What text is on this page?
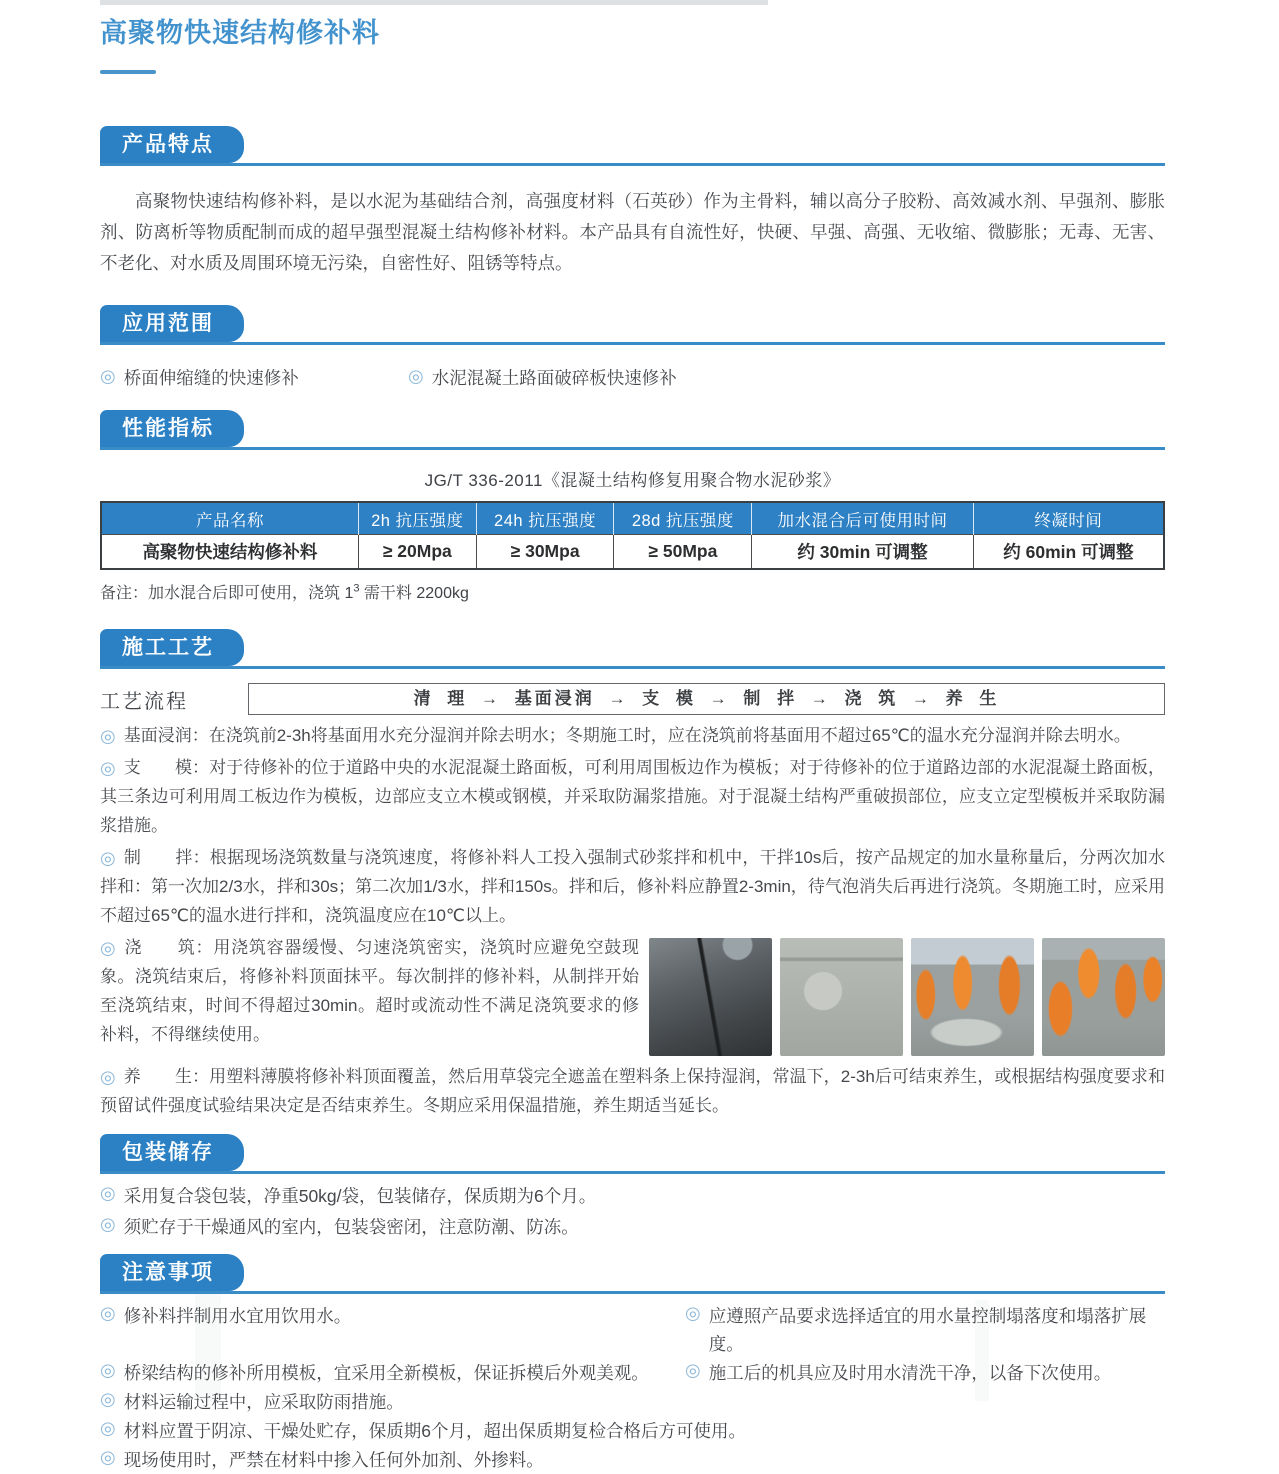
高聚物快速结构修补料
产品特点

高聚物快速结构修补料，是以水泥为基础结合剂，高强度材料（石英砂）作为主骨料，辅以高分子胶粉、高效减水剂、早强剂、膨胀剂、防离析等物质配制而成的超早强型混凝土结构修补材料。本产品具有自流性好，快硬、早强、高强、无收缩、微膨胀；无毒、无害、不老化、对水质及周围环境无污染，自密性好、阻锈等特点。

应用范围
◎ 桥面伸缩缝的快速修补	◎ 水泥混凝土路面破碎板快速修补
性能指标
JG/T 336-2011《混凝土结构修复用聚合物水泥砂浆》
产品名称	2h 抗压强度	24h 抗压强度	28d 抗压强度	加水混合后可使用时间	终凝时间
高聚物快速结构修补料	≥ 20Mpa	≥ 30Mpa	≥ 50Mpa	约 30min 可调整	约 60min 可调整
备注：加水混合后即可使用，浇筑 $1^3$ 需干料 2200kg
施工工艺
工艺流程	清 理 → 基面浸润 → 支 模 → 制 拌 → 浇 筑 → 养 生

◎ 基面浸润：在浇筑前2-3h将基面用水充分湿润并除去明水；冬期施工时，应在浇筑前将基面用不超过65℃的温水充分湿润并除去明水。

◎ 支　　模：对于待修补的位于道路中央的水泥混凝土路面板，可利用周围板边作为模板；对于待修补的位于道路边部的水泥混凝土路面板，其三条边可利用周工板边作为模板，边部应支立木模或钢模，并采取防漏浆措施。对于混凝土结构严重破损部位，应支立定型模板并采取防漏浆措施。

◎ 制　　拌：根据现场浇筑数量与浇筑速度，将修补料人工投入强制式砂浆拌和机中，干拌10s后，按产品规定的加水量称量后，分两次加水拌和：第一次加2/3水，拌和30s；第二次加1/3水，拌和150s。拌和后，修补料应静置2-3min，待气泡消失后再进行浇筑。冬期施工时，应采用不超过65℃的温水进行拌和，浇筑温度应在10℃以上。

◎ 浇　　筑：用浇筑容器缓慢、匀速浇筑密实，浇筑时应避免空鼓现象。浇筑结束后，将修补料顶面抹平。每次制拌的修补料，从制拌开始至浇筑结束，时间不得超过30min。超时或流动性不满足浇筑要求的修补料，不得继续使用。

◎ 养　　生：用塑料薄膜将修补料顶面覆盖，然后用草袋完全遮盖在塑料条上保持湿润，常温下，2-3h后可结束养生，或根据结构强度要求和预留试件强度试验结果决定是否结束养生。冬期应采用保温措施，养生期适当延长。

包装储存
◎ 采用复合袋包装，净重50kg/袋，包装储存，保质期为6个月。
◎ 须贮存于干燥通风的室内，包装袋密闭，注意防潮、防冻。
注意事项
◎ 修补料拌制用水宜用饮用水。	◎ 应遵照产品要求选择适宜的用水量控制塌落度和塌落扩展度。
◎ 桥梁结构的修补所用模板，宜采用全新模板，保证拆模后外观美观。 ◎ 施工后的机具应及时用水清洗干净，以备下次使用。
◎ 材料运输过程中，应采取防雨措施。
◎ 材料应置于阴凉、干燥处贮存，保质期6个月，超出保质期复检合格后方可使用。
◎ 现场使用时，严禁在材料中掺入任何外加剂、外掺料。
